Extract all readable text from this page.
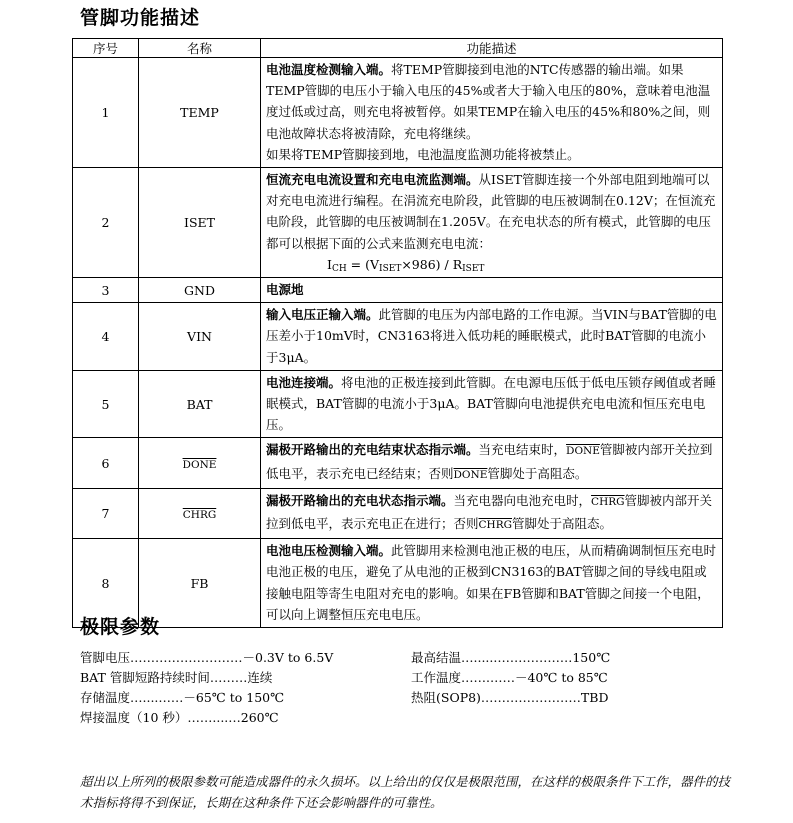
管脚功能描述
序号	名称	功能描述
1	TEMP	电池温度检测输入端。将TEMP管脚接到电池的NTC传感器的输出端。如果TEMP管脚的电压小于输入电压的45%或者大于输入电压的80%，意味着电池温度过低或过高，则充电将被暂停。如果TEMP在输入电压的45%和80%之间，则电池故障状态将被清除，充电将继续。
如果将TEMP管脚接到地，电池温度监测功能将被禁止。
2	ISET	恒流充电电流设置和充电电流监测端。从ISET管脚连接一个外部电阻到地端可以对充电电流进行编程。在涓流充电阶段，此管脚的电压被调制在0.12V；在恒流充电阶段，此管脚的电压被调制在1.205V。在充电状态的所有模式，此管脚的电压都可以根据下面的公式来监测充电电流：
$I_{CH} = (V_{ISET}\times 986) / R_{ISET}$

3	GND	电源地
4	VIN	输入电压正输入端。此管脚的电压为内部电路的工作电源。当VIN与BAT管脚的电压差小于10mV时，CN3163将进入低功耗的睡眠模式，此时BAT管脚的电流小于3μA。
5	BAT	电池连接端。将电池的正极连接到此管脚。在电源电压低于低电压锁存阈值或者睡眠模式，BAT管脚的电流小于3μA。BAT管脚向电池提供充电电流和恒压充电电压。
6	DONE	漏极开路输出的充电结束状态指示端。当充电结束时，DONE管脚被内部开关拉到低电平，表示充电已经结束；否则DONE管脚处于高阻态。
7	CHRG	漏极开路输出的充电状态指示端。当充电器向电池充电时，CHRG管脚被内部开关拉到低电平，表示充电正在进行；否则CHRG管脚处于高阻态。
8	FB	电池电压检测输入端。此管脚用来检测电池正极的电压，从而精确调制恒压充电时电池正极的电压，避免了从电池的正极到CN3163的BAT管脚之间的导线电阻或接触电阻等寄生电阻对充电的影响。如果在FB管脚和BAT管脚之间接一个电阻，可以向上调整恒压充电电压。
极限参数
管脚电压………………………－0.3V to 6.5V
BAT 管脚短路持续时间………连续
存储温度…....……－65℃ to 150℃
焊接温度（10 秒）……....…260℃
最高结温…......………………150℃
工作温度…….……－40℃ to 85℃
热阻(SOP8)……………………TBD

超出以上所列的极限参数可能造成器件的永久损坏。以上给出的仅仅是极限范围，在这样的极限条件下工作，器件的技术指标将得不到保证，长期在这种条件下还会影响器件的可靠性。
